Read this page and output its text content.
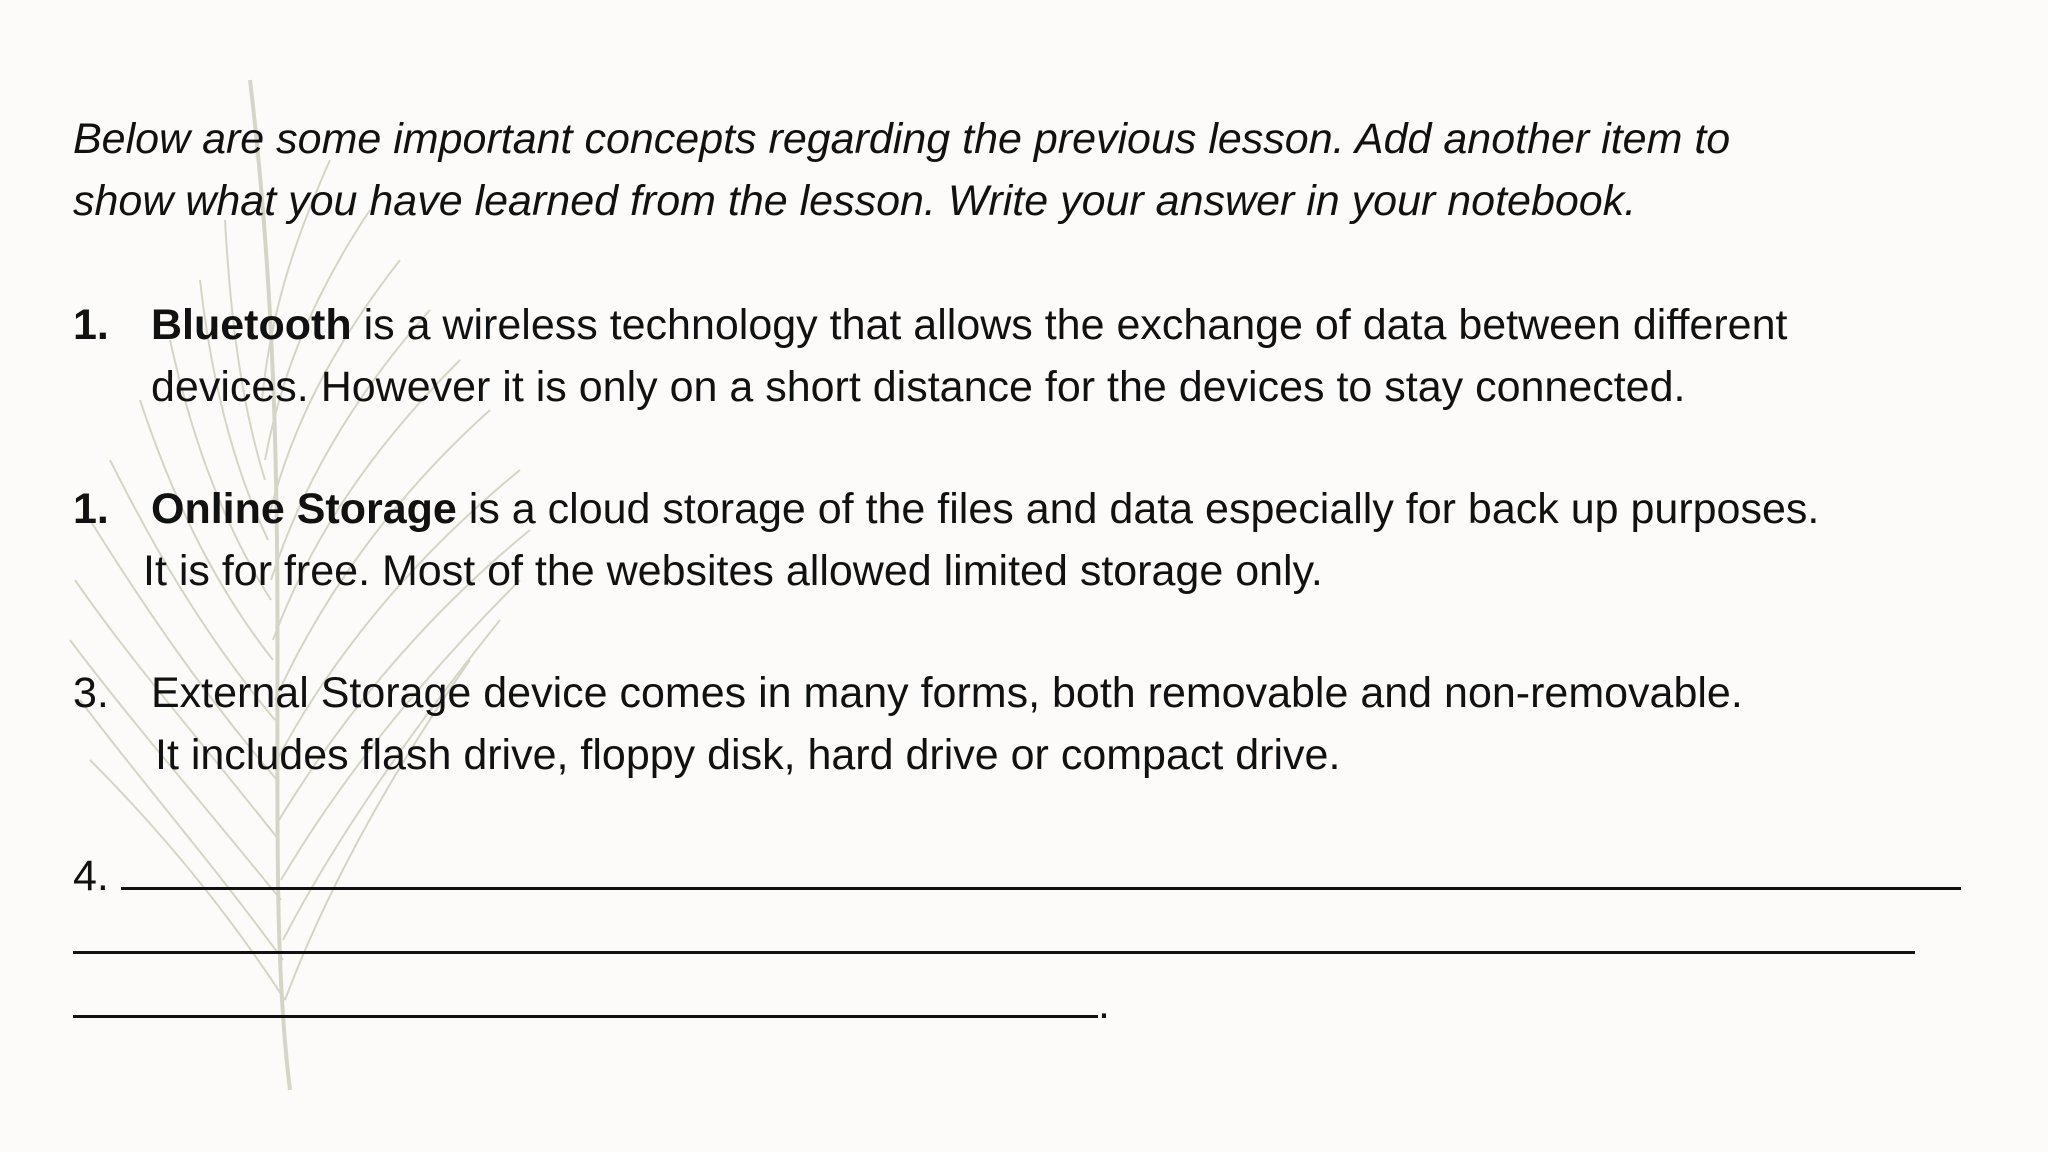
Below are some important concepts regarding the previous lesson. Add another item to
show what you have learned from the lesson. Write your answer in your notebook.

1. Bluetooth is a wireless technology that allows the exchange of data between different
devices. However it is only on a short distance for the devices to stay connected.
1. Online Storage is a cloud storage of the files and data especially for back up purposes.
It is for free. Most of the websites allowed limited storage only.
3. External Storage device comes in many forms, both removable and non-removable.
It includes flash drive, floppy disk, hard drive or compact drive.

4.

.
